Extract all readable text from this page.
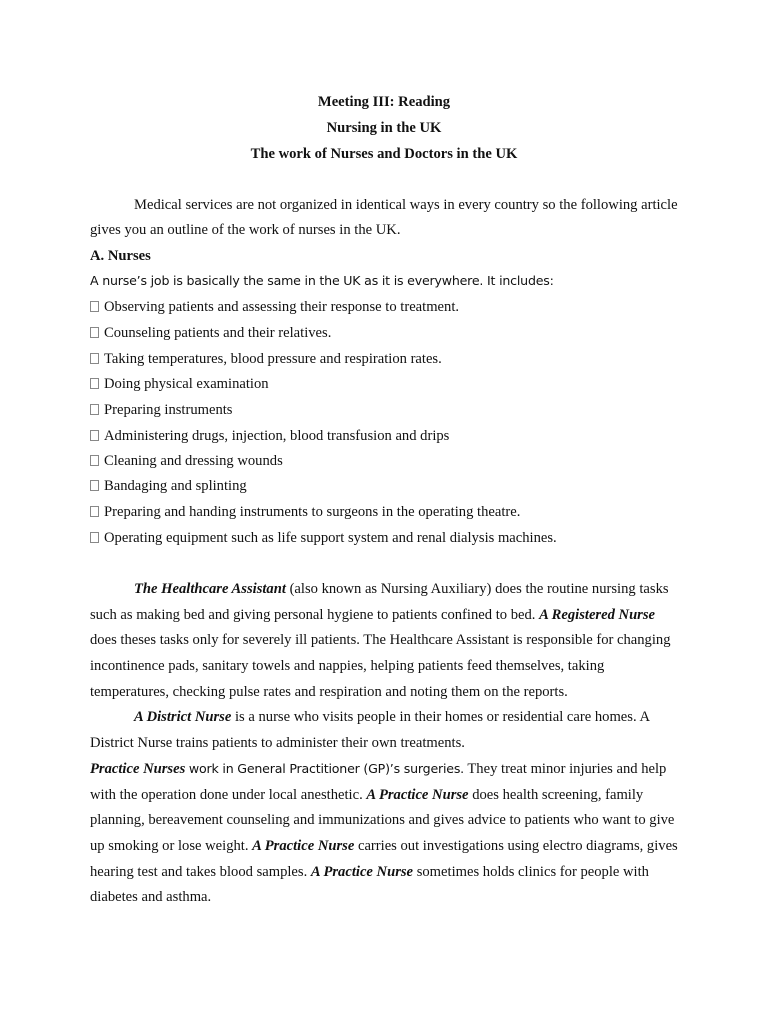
Meeting III: Reading
Nursing in the UK
The work of Nurses and Doctors in the UK
Medical services are not organized in identical ways in every country so the following article
gives you an outline of the work of nurses in the UK.
A. Nurses
A nurse’s job is basically the same in the UK as it is everywhere. It includes:
Observing patients and assessing their response to treatment.
Counseling patients and their relatives.
Taking temperatures, blood pressure and respiration rates.
Doing physical examination
Preparing instruments
Administering drugs, injection, blood transfusion and drips
Cleaning and dressing wounds
Bandaging and splinting
Preparing and handing instruments to surgeons in the operating theatre.
Operating equipment such as life support system and renal dialysis machines.
The Healthcare Assistant (also known as Nursing Auxiliary) does the routine nursing tasks
such as making bed and giving personal hygiene to patients confined to bed. A Registered Nurse
does theses tasks only for severely ill patients. The Healthcare Assistant is responsible for changing
incontinence pads, sanitary towels and nappies, helping patients feed themselves, taking
temperatures, checking pulse rates and respiration and noting them on the reports.
A District Nurse is a nurse who visits people in their homes or residential care homes. A
District Nurse trains patients to administer their own treatments.
Practice Nurses work in General Practitioner (GP)’s surgeries. They treat minor injuries and help
with the operation done under local anesthetic. A Practice Nurse does health screening, family
planning, bereavement counseling and immunizations and gives advice to patients who want to give
up smoking or lose weight. A Practice Nurse carries out investigations using electro diagrams, gives
hearing test and takes blood samples. A Practice Nurse sometimes holds clinics for people with
diabetes and asthma.
